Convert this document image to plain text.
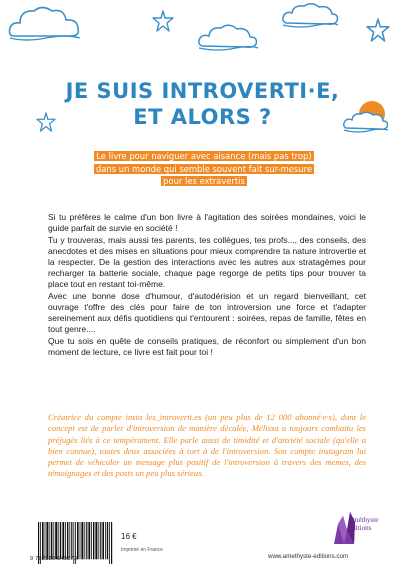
JE SUIS INTROVERTI·E,
ET ALORS ?
Le livre pour naviguer avec aisance (mais pas trop)
dans un monde qui semble souvent fait sur-mesure
pour les extravertis

Si tu préfères le calme d'un bon livre à l'agitation des soirées mondaines, voici le guide parfait de survie en société !

Tu y trouveras, mais aussi tes parents, tes collègues, tes profs..., des conseils, des anecdotes et des mises en situations pour mieux comprendre ta nature introvertie et la respecter. De la gestion des interactions avec les autres aux stratagèmes pour recharger ta batterie sociale, chaque page regorge de petits tips pour trouver ta place tout en restant toi-même.

Avec une bonne dose d'humour, d'autodérision et un regard bienveillant, cet ouvrage t'offre des clés pour faire de ton introversion une force et t'adapter sereinement aux défis quotidiens qui t'entourent : soirées, repas de famille, fêtes en tout genre....

Que tu sois en quête de conseils pratiques, de réconfort ou simplement d'un bon moment de lecture, ce livre est fait pour toi !

Créatrice du compte insta les_introverti.es (un peu plus de 12 000 abonné·e·s), dont le concept est de parler d'introversion de manière décalée, Mélissa a toujours combattu les préjugés liés à ce tempérament. Elle parle aussi de timidité et d'anxiété sociale (qu'elle a bien connue), toutes deux associées à tort à de l'introversion. Son compte instagram lui permet de véhiculer un message plus positif de l'introversion à travers des memes, des témoignages et des posts un peu plus sérieux.
9 782380 640373
16 €
Imprimé en France
Améthyste
Éditions
www.amethyste-editions.com
